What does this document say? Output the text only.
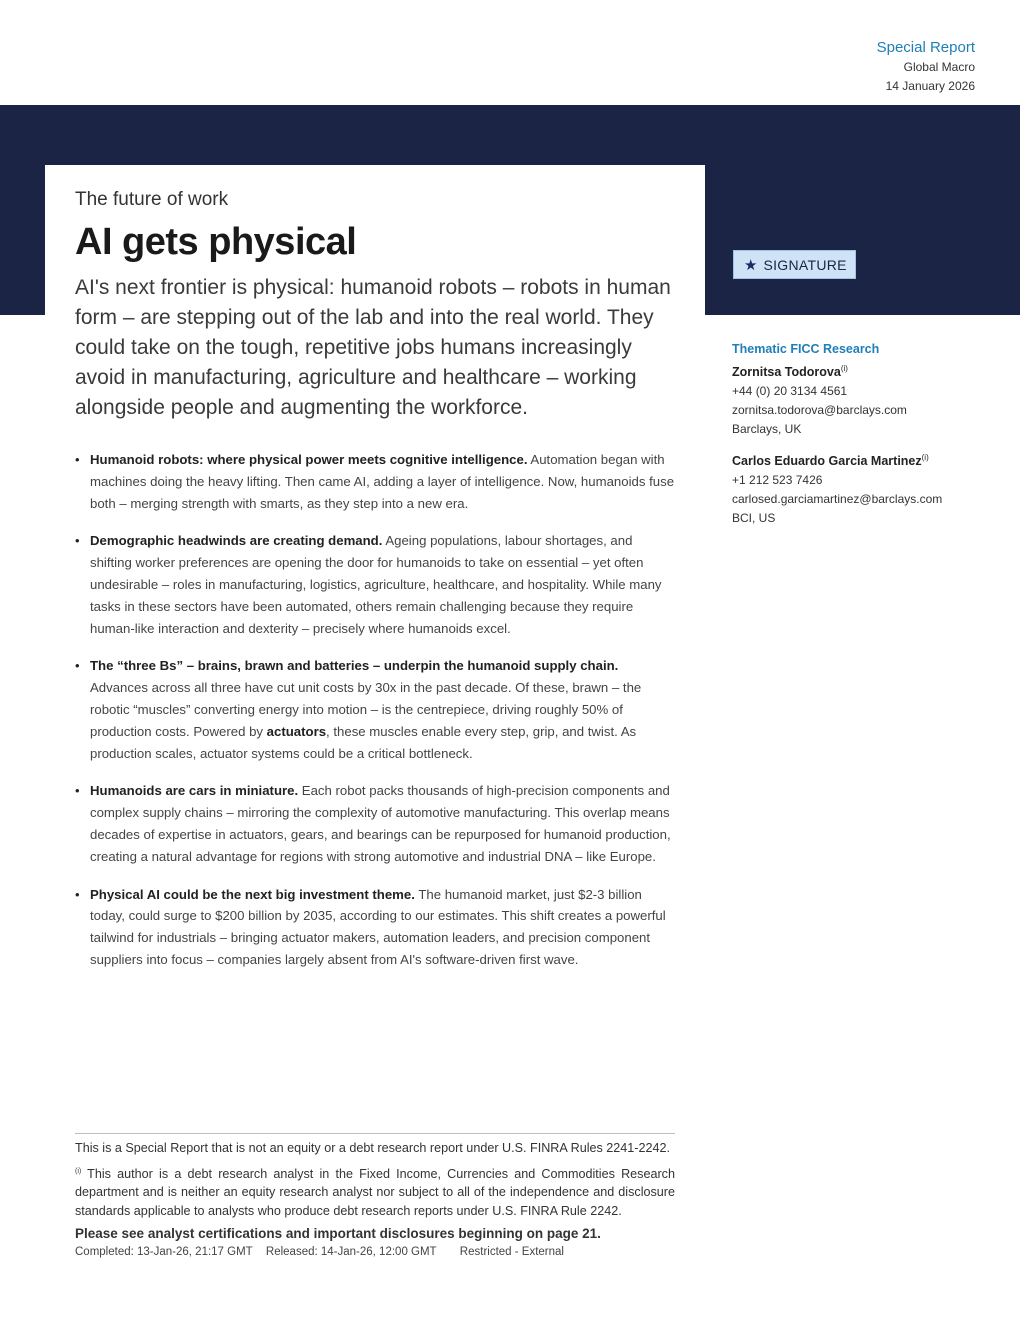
Special Report
Global Macro
14 January 2026
The future of work
AI gets physical
AI's next frontier is physical: humanoid robots – robots in human form – are stepping out of the lab and into the real world. They could take on the tough, repetitive jobs humans increasingly avoid in manufacturing, agriculture and healthcare – working alongside people and augmenting the workforce.
• Humanoid robots: where physical power meets cognitive intelligence. Automation began with machines doing the heavy lifting. Then came AI, adding a layer of intelligence. Now, humanoids fuse both – merging strength with smarts, as they step into a new era.
• Demographic headwinds are creating demand. Ageing populations, labour shortages, and shifting worker preferences are opening the door for humanoids to take on essential – yet often undesirable – roles in manufacturing, logistics, agriculture, healthcare, and hospitality. While many tasks in these sectors have been automated, others remain challenging because they require human-like interaction and dexterity – precisely where humanoids excel.
• The “three Bs” – brains, brawn and batteries – underpin the humanoid supply chain. Advances across all three have cut unit costs by 30x in the past decade. Of these, brawn – the robotic “muscles” converting energy into motion – is the centrepiece, driving roughly 50% of production costs. Powered by actuators, these muscles enable every step, grip, and twist. As production scales, actuator systems could be a critical bottleneck.
• Humanoids are cars in miniature. Each robot packs thousands of high-precision components and complex supply chains – mirroring the complexity of automotive manufacturing. This overlap means decades of expertise in actuators, gears, and bearings can be repurposed for humanoid production, creating a natural advantage for regions with strong automotive and industrial DNA – like Europe.
• Physical AI could be the next big investment theme. The humanoid market, just $2-3 billion today, could surge to $200 billion by 2035, according to our estimates. This shift creates a powerful tailwind for industrials – bringing actuator makers, automation leaders, and precision component suppliers into focus – companies largely absent from AI's software-driven first wave.
★ SIGNATURE
Thematic FICC Research
Zornitsa Todorova$^{(i)}$
+44 (0) 20 3134 4561
zornitsa.todorova@barclays.com
Barclays, UK
Carlos Eduardo Garcia Martinez$^{(i)}$
+1 212 523 7426
carlosed.garciamartinez@barclays.com
BCI, US
This is a Special Report that is not an equity or a debt research report under U.S. FINRA Rules 2241-2242.
$^{(i)}$ This author is a debt research analyst in the Fixed Income, Currencies and Commodities Research department and is neither an equity research analyst nor subject to all of the independence and disclosure standards applicable to analysts who produce debt research reports under U.S. FINRA Rule 2242.
Please see analyst certifications and important disclosures beginning on page 21.
Completed: 13-Jan-26, 21:17 GMT Released: 14-Jan-26, 12:00 GMT Restricted - External
